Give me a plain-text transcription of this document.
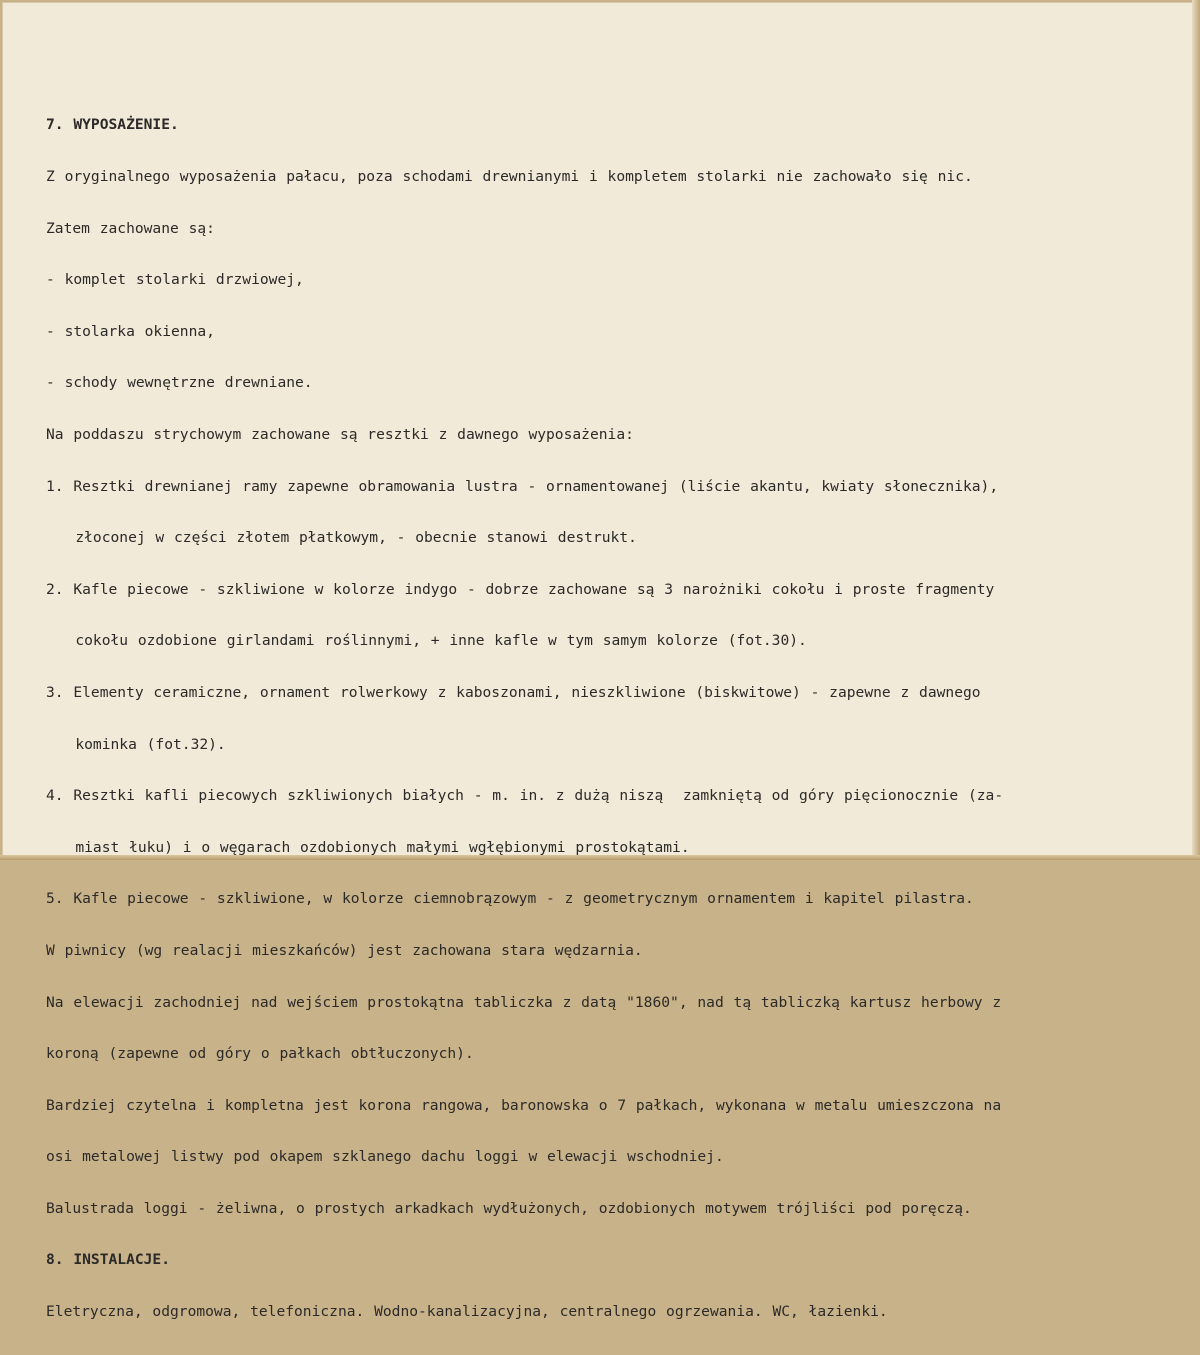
7. WYPOSAŻENIE.

Z oryginalnego wyposażenia pałacu, poza schodami drewnianymi i kompletem stolarki nie zachowało się nic.

Zatem zachowane są:

- komplet stolarki drzwiowej,

- stolarka okienna,

- schody wewnętrzne drewniane.

Na poddaszu strychowym zachowane są resztki z dawnego wyposażenia:

1. Resztki drewnianej ramy zapewne obramowania lustra - ornamentowanej (liście akantu, kwiaty słonecznika),

złoconej w części złotem płatkowym, - obecnie stanowi destrukt.

2. Kafle piecowe - szkliwione w kolorze indygo - dobrze zachowane są 3 narożniki cokołu i proste fragmenty

cokołu ozdobione girlandami roślinnymi, + inne kafle w tym samym kolorze (fot.30).

3. Elementy ceramiczne, ornament rolwerkowy z kaboszonami, nieszkliwione (biskwitowe) - zapewne z dawnego

kominka (fot.32).

4. Resztki kafli piecowych szkliwionych białych - m. in. z dużą niszą  zamkniętą od góry pięcionocznie (za-

miast łuku) i o węgarach ozdobionych małymi wgłębionymi prostokątami.

5. Kafle piecowe - szkliwione, w kolorze ciemnobrązowym - z geometrycznym ornamentem i kapitel pilastra.

W piwnicy (wg realacji mieszkańców) jest zachowana stara wędzarnia.

Na elewacji zachodniej nad wejściem prostokątna tabliczka z datą "1860", nad tą tabliczką kartusz herbowy z

koroną (zapewne od góry o pałkach obtłuczonych).

Bardziej czytelna i kompletna jest korona rangowa, baronowska o 7 pałkach, wykonana w metalu umieszczona na

osi metalowej listwy pod okapem szklanego dachu loggi w elewacji wschodniej.

Balustrada loggi - żeliwna, o prostych arkadkach wydłużonych, ozdobionych motywem trójliści pod poręczą.

8. INSTALACJE.

Eletryczna, odgromowa, telefoniczna. Wodno-kanalizacyjna, centralnego ogrzewania. WC, łazienki.
